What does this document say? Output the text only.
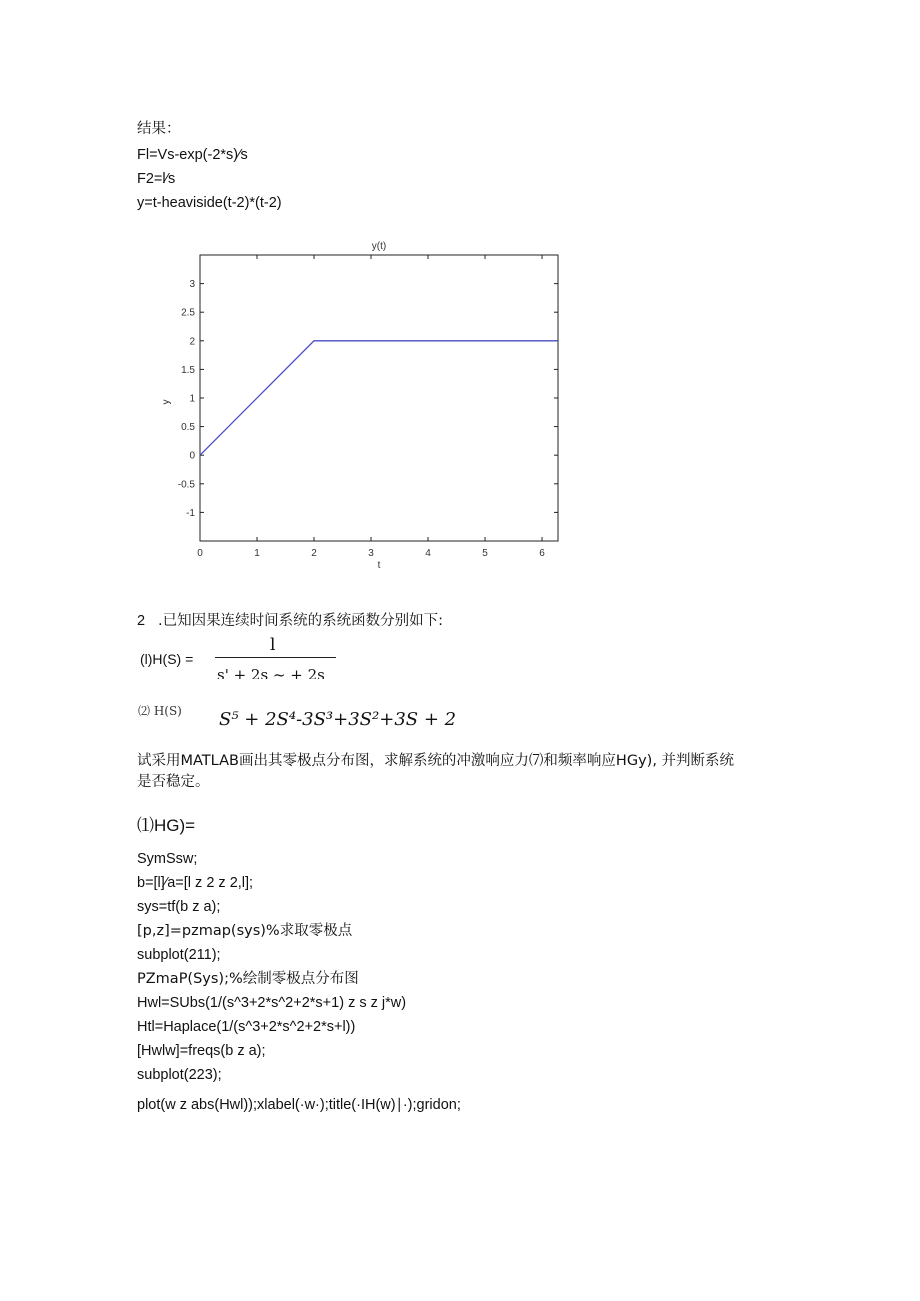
结果：
Fl=Vs-exp(-2*s)∕s
F2=l∕s
y=t-heaviside(t-2)*(t-2)
0	1	2	3	4	5	6
-1
-0.5
0
0.5
1
1.5
2
2.5
3
y(t)
t
y
2 .已知因果连续时间系统的系统函数分别如下:
(l)H(S) =
l
s' + 2s ~ + 2s
⑵ H(S) S⁵ + 2S⁴-3S³+3S²+3S + 2
试采用MATLAB画出其零极点分布图，求解系统的冲激响应力⑺和频率响应HGy), 并判断系统
是否稳定。
⑴HG)=
SymSsw;
b=[l]∕a=[l z 2 z 2,l];
sys=tf(b z a);
[p,z]=pzmap(sys)%求取零极点
subplot(211);
PZmaP(Sys);%绘制零极点分布图
Hwl=SUbs(1/(s^3+2*s^2+2*s+1) z s z j*w)
Htl=Haplace(1/(s^3+2*s^2+2*s+l))
[Hwlw]=freqs(b z a);
subplot(223);
plot(w z abs(Hwl));xlabel(·w·);title(·IH(w)∣·);gridon;
